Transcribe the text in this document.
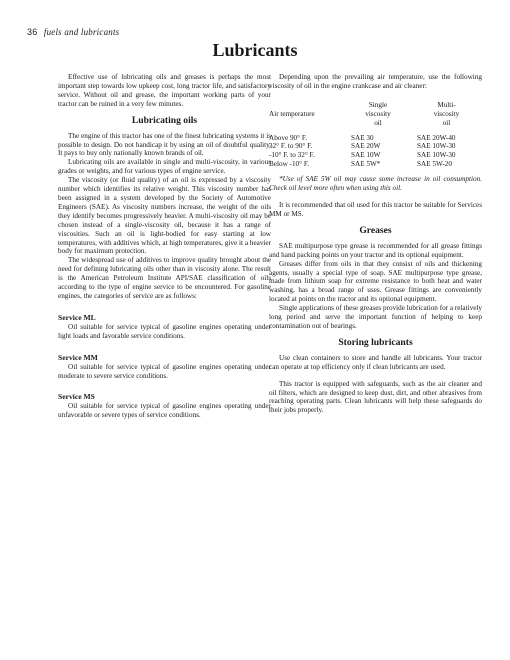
36 fuels and lubricants
Lubricants

Effective use of lubricating oils and greases is perhaps the most important step towards low upkeep cost, long tractor life, and satisfactory service. Without oil and grease, the important working parts of your tractor can be ruined in a very few minutes.

Lubricating oils

The engine of this tractor has one of the finest lubricating systems it is possible to design. Do not handicap it by using an oil of doubtful quality. It pays to buy only nationally known brands of oil.

Lubricating oils are available in single and multi-viscosity, in various grades or weights, and for various types of engine service.

The viscosity (or fluid quality) of an oil is expressed by a viscosity number which identifies its relative weight. This viscosity number has been assigned in a system developed by the Society of Automotive Engineers (SAE). As viscosity numbers increase, the weight of the oils they identify becomes progressively heavier. A multi-viscosity oil may be chosen instead of a single-viscosity oil, because it has a range of viscosities. Such an oil is light-bodied for easy starting at low temperatures, with additives which, at high temperatures, give it a heavier body for maximum protection.

The widespread use of additives to improve quality brought about the need for defining lubricating oils other than in viscosity alone. The result is the American Petroleum Institute API/SAE classification of oils according to the type of engine service to be encountered. For gasoline engines, the categories of service are as follows:

Service ML

Oil suitable for service typical of gasoline engines operating under light loads and favorable service conditions.

Service MM

Oil suitable for service typical of gasoline engines operating under moderate to severe service conditions.

Service MS

Oil suitable for service typical of gasoline engines operating under unfavorable or severe types of service conditions.

Depending upon the prevailing air temperature, use the following viscosity of oil in the engine crankcase and air cleaner:

	Single	Multi-
Air temperature	viscosity	viscosity
	oil	oil
Above 90° F.	SAE 30	SAE 20W-40
32° F. to 90° F.	SAE 20W	SAE 10W-30
-10° F. to 32° F.	SAE 10W	SAE 10W-30
Below -10° F.	SAE 5W*	SAE 5W-20

*Use of SAE 5W oil may cause some increase in oil consumption. Check oil level more often when using this oil.

It is recommended that oil used for this tractor be suitable for Services MM or MS.

Greases

SAE multipurpose type grease is recommended for all grease fittings and hand packing points on your tractor and its optional equipment.

Greases differ from oils in that they consist of oils and thickening agents, usually a special type of soap. SAE multipurpose type grease, made from lithium soap for extreme resistance to both heat and water washing, has a broad range of uses. Grease fittings are conveniently located at points on the tractor and its optional equipment.

Single applications of these greases provide lubrication for a relatively long period and serve the important function of helping to keep contamination out of bearings.

Storing lubricants

Use clean containers to store and handle all lubricants. Your tractor can operate at top efficiency only if clean lubricants are used.

This tractor is equipped with safeguards, such as the air cleaner and oil filters, which are designed to keep dust, dirt, and other abrasives from reaching operating parts. Clean lubricants will help these safeguards do their jobs properly.
